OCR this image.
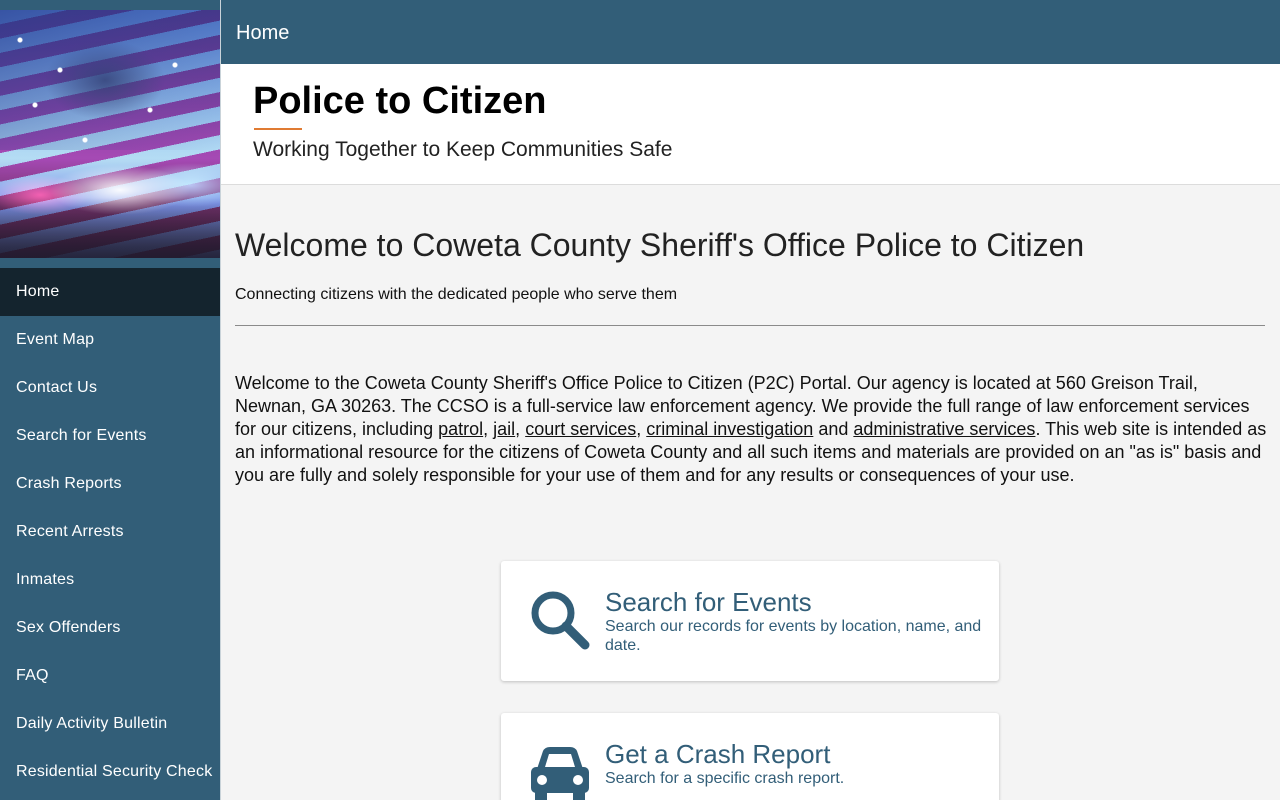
Home
Event Map
Contact Us
Search for Events
Crash Reports
Recent Arrests
Inmates
Sex Offenders
FAQ
Daily Activity Bulletin
Residential Security Check
Home
Police to Citizen
Working Together to Keep Communities Safe
Welcome to Coweta County Sheriff's Office Police to Citizen
Connecting citizens with the dedicated people who serve them

Welcome to the Coweta County Sheriff's Office Police to Citizen (P2C) Portal. Our agency is located at 560 Greison Trail, Newnan, GA 30263. The CCSO is a full-service law enforcement agency. We provide the full range of law enforcement services for our citizens, including patrol, jail, court services, criminal investigation and administrative services. This web site is intended as an informational resource for the citizens of Coweta County and all such items and materials are provided on an "as is" basis and you are fully and solely responsible for your use of them and for any results or consequences of your use.

Search for Events
Search our records for events by location, name, and date.
Get a Crash Report
Search for a specific crash report.
